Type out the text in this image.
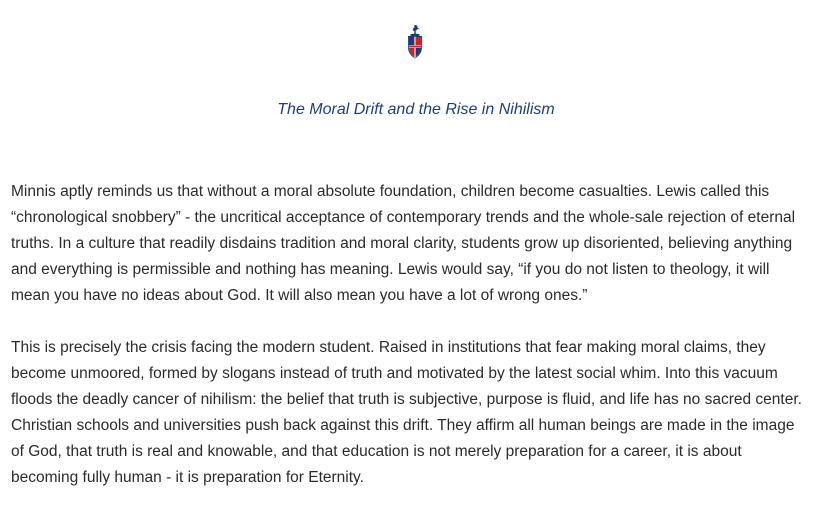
The Moral Drift and the Rise in Nihilism

Minnis aptly reminds us that without a moral absolute foundation, children become casualties. Lewis called this “chronological snobbery” - the uncritical acceptance of contemporary trends and the whole-sale rejection of eternal truths. In a culture that readily disdains tradition and moral clarity, students grow up disoriented, believing anything and everything is permissible and nothing has meaning. Lewis would say, “if you do not listen to theology, it will mean you have no ideas about God. It will also mean you have a lot of wrong ones.”

This is precisely the crisis facing the modern student. Raised in institutions that fear making moral claims, they become unmoored, formed by slogans instead of truth and motivated by the latest social whim. Into this vacuum floods the deadly cancer of nihilism: the belief that truth is subjective, purpose is fluid, and life has no sacred center. Christian schools and universities push back against this drift. They affirm all human beings are made in the image of God, that truth is real and knowable, and that education is not merely preparation for a career, it is about becoming fully human - it is preparation for Eternity.
